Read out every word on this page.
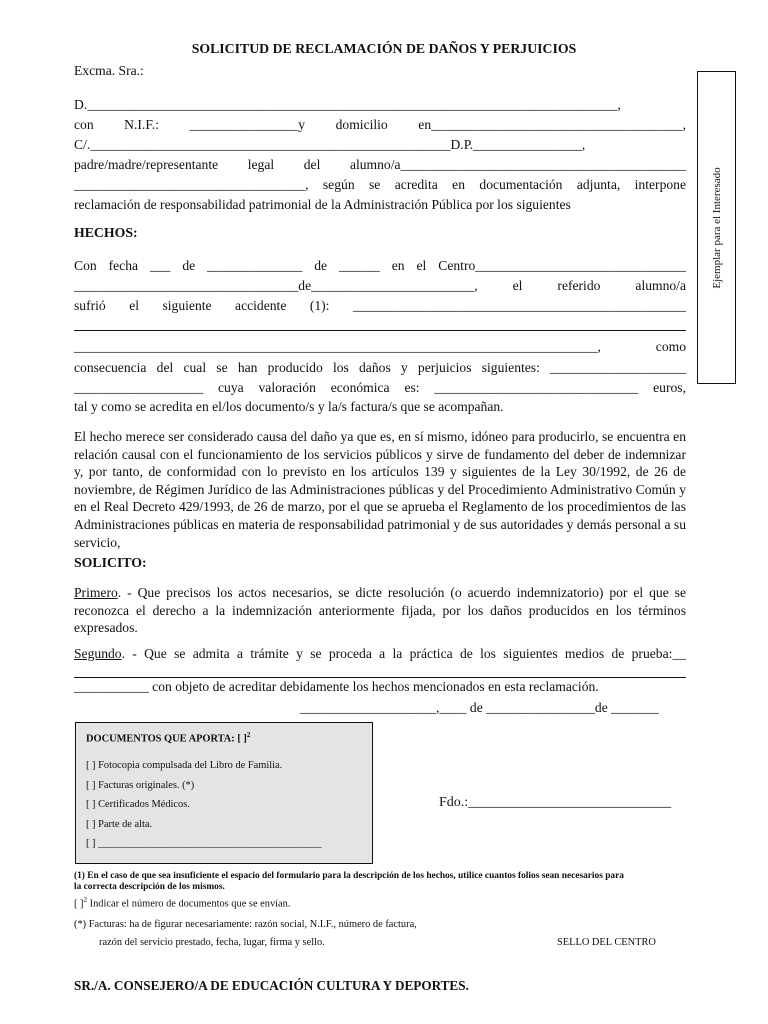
SOLICITUD DE RECLAMACIÓN DE DAÑOS Y PERJUICIOS
Excma. Sra.:
Ejemplar para el Interesado

D.______________________________________________________________________________,

con N.I.F.: ________________y domicilio en_____________________________________,

C/._____________________________________________________D.P.________________,

padre/madre/representante legal del alumno/a__________________________________________

__________________________________, según se acredita en documentación adjunta, interpone

reclamación de responsabilidad patrimonial de la Administración Pública por los siguientes
HECHOS:

Con fecha ___ de ______________ de ______ en el Centro_______________________________

_________________________________de________________________, el referido alumno/a

sufrió el siguiente accidente (1): _________________________________________________

_____________________________________________________________________________, como

consecuencia del cual se han producido los daños y perjuicios siguientes: ____________________

___________________ cuya valoración económica es: ______________________________ euros,

tal y como se acredita en el/los documento/s y la/s factura/s que se acompañan.

El hecho merece ser considerado causa del daño ya que es, en sí mismo, idóneo para producirlo, se encuentra en relación causal con el funcionamiento de los servicios públicos y sirve de fundamento del deber de indemnizar y, por tanto, de conformidad con lo previsto en los artículos 139 y siguientes de la Ley 30/1992, de 26 de noviembre, de Régimen Jurídico de las Administraciones públicas y del Procedimiento Administrativo Común y en el Real Decreto 429/1993, de 26 de marzo, por el que se aprueba el Reglamento de los procedimientos de las Administraciones públicas en materia de responsabilidad patrimonial y de sus autoridades y demás personal a su servicio,

SOLICITO:

Primero. - Que precisos los actos necesarios, se dicte resolución (o acuerdo indemnizatorio) por el que se reconozca el derecho a la indemnización anteriormente fijada, por los daños producidos en los términos expresados.

Segundo. - Que se admita a trámite y se proceda a la práctica de los siguientes medios de prueba:__

___________ con objeto de acreditar debidamente los hechos mencionados en esta reclamación.
____________________,____ de ________________de _______
DOCUMENTOS QUE APORTA: [ ]$^2$
[ ] Fotocopia compulsada del Libro de Familia.
[ ] Facturas originales. (*)
[ ] Certificados Médicos.
[ ] Parte de alta.
[ ] ___________________________________________
Fdo.:_____________________________
(1) En el caso de que sea insuficiente el espacio del formulario para la descripción de los hechos, utilice cuantos folios sean necesarios para
la correcta descripción de los mismos.
[ ]$^2$ Indicar el número de documentos que se envían.
(*) Facturas: ha de figurar necesariamente: razón social, N.I.F., número de factura,
razón del servicio prestado, fecha, lugar, firma y sello.	SELLO DEL CENTRO
SR./A. CONSEJERO/A DE EDUCACIÓN CULTURA Y DEPORTES.
